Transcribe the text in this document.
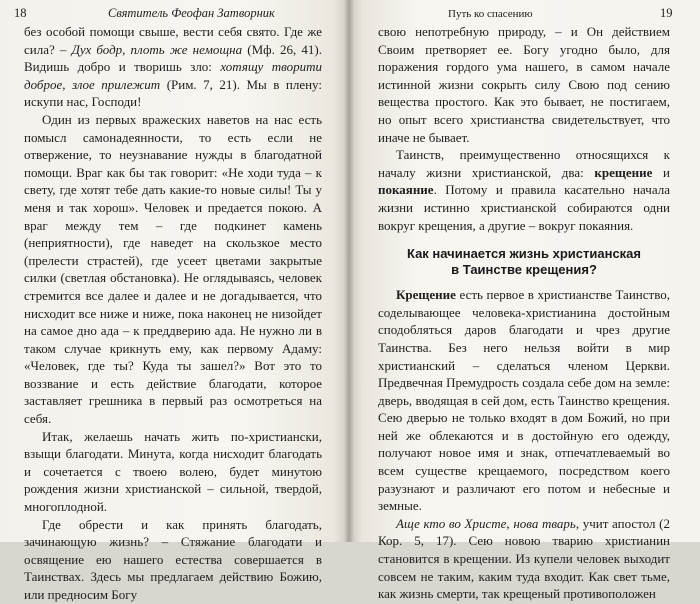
18	Святитель Феофан Затворник

без особой помощи свыше, вести себя свято. Где же сила? – Дух бодр, плоть же немощна (Мф. 26, 41). Видишь добро и творишь зло: хотящу творити доброе, злое прилежит (Рим. 7, 21). Мы в плену: искупи нас, Господи!

Один из первых вражеских наветов на нас есть помысл самонадеянности, то есть если не отвержение, то неузнавание нужды в благодатной помощи. Враг как бы так говорит: «Не ходи туда – к свету, где хотят тебе дать какие-то новые силы! Ты у меня и так хорош». Человек и предается покою. А враг между тем – где подкинет камень (неприятности), где наведет на скользкое место (прелести страстей), где усеет цветами закрытые силки (светлая обстановка). Не оглядываясь, человек стремится все далее и далее и не догадывается, что нисходит все ниже и ниже, пока наконец не низойдет на самое дно ада – к преддверию ада. Не нужно ли в таком случае крикнуть ему, как первому Адаму: «Человек, где ты? Куда ты зашел?» Вот это то воззвание и есть действие благодати, которое заставляет грешника в первый раз осмотреться на себя.

Итак, желаешь начать жить по-христиански, взыщи благодати. Минута, когда нисходит благодать и сочетается с твоею волею, будет минутою рождения жизни христианской – сильной, твердой, многоплодной.

Где обрести и как принять благодать, зачинающую жизнь? – Стяжание благодати и освящение ею нашего естества совершается в Таинствах. Здесь мы предлагаем действию Божию, или предносим Богу

Путь ко спасению	19

свою непотребную природу, – и Он действием Своим претворяет ее. Богу угодно было, для поражения гордого ума нашего, в самом начале истинной жизни сокрыть силу Свою под сению вещества простого. Как это бывает, не постигаем, но опыт всего христианства свидетельствует, что иначе не бывает.

Таинств, преимущественно относящихся к началу жизни христианской, два: крещение и покаяние. Потому и правила касательно начала жизни истинно христианской собираются одни вокруг крещения, а другие – вокруг покаяния.

Как начинается жизнь христианская
в Таинстве крещения?

Крещение есть первое в христианстве Таинство, соделывающее человека-христианина достойным сподобляться даров благодати и чрез другие Таинства. Без него нельзя войти в мир христианский – сделаться членом Церкви. Предвечная Премудрость создала себе дом на земле: дверь, вводящая в сей дом, есть Таинство крещения. Сею дверью не только входят в дом Божий, но при ней же облекаются и в достойную его одежду, получают новое имя и знак, отпечатлеваемый во всем существе крещаемого, посредством коего разузнают и различают его потом и небесные и земные.

Аще кто во Христе, нова тварь, учит апостол (2 Кор. 5, 17). Сею новою тварию христианин становится в крещении. Из купели человек выходит совсем не таким, каким туда входит. Как свет тьме, как жизнь смерти, так крещеный противоположен
